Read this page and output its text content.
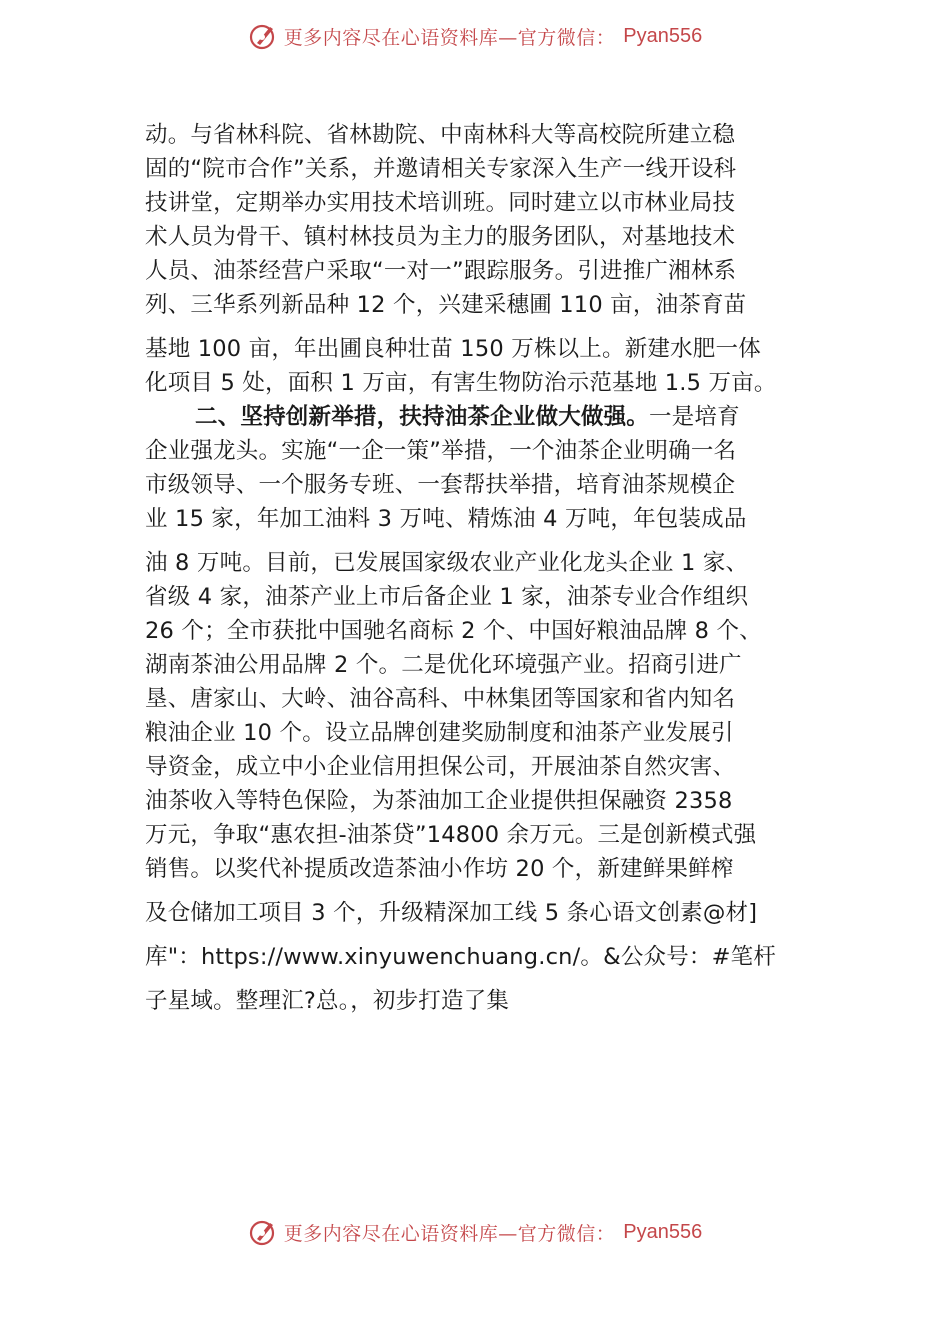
更多内容尽在心语资料库—官方微信： Pyan556
动。与省林科院、省林勘院、中南林科大等高校院所建立稳
固的“院市合作”关系，并邀请相关专家深入生产一线开设科
技讲堂，定期举办实用技术培训班。同时建立以市林业局技
术人员为骨干、镇村林技员为主力的服务团队，对基地技术
人员、油茶经营户采取“一对一”跟踪服务。引进推广湘林系
列、三华系列新品种 12 个，兴建采穗圃 110 亩，油茶育苗
基地 100 亩，年出圃良种壮苗 150 万株以上。新建水肥一体
化项目 5 处，面积 1 万亩，有害生物防治示范基地 1.5 万亩。
二、坚持创新举措，扶持油茶企业做大做强。一是培育
企业强龙头。实施“一企一策”举措，一个油茶企业明确一名
市级领导、一个服务专班、一套帮扶举措，培育油茶规模企
业 15 家，年加工油料 3 万吨、精炼油 4 万吨，年包装成品
油 8 万吨。目前，已发展国家级农业产业化龙头企业 1 家、
省级 4 家，油茶产业上市后备企业 1 家，油茶专业合作组织
26 个；全市获批中国驰名商标 2 个、中国好粮油品牌 8 个、
湖南茶油公用品牌 2 个。二是优化环境强产业。招商引进广
垦、唐家山、大岭、油谷高科、中林集团等国家和省内知名
粮油企业 10 个。设立品牌创建奖励制度和油茶产业发展引
导资金，成立中小企业信用担保公司，开展油茶自然灾害、
油茶收入等特色保险，为茶油加工企业提供担保融资 2358
万元，争取“惠农担-油茶贷”14800 余万元。三是创新模式强
销售。以奖代补提质改造茶油小作坊 20 个，新建鲜果鲜榨
及仓储加工项目 3 个，升级精深加工线 5 条心语文创素@材]
库"：https://www.xinyuwenchuang.cn/。&公众号：#笔杆
子星域。整理汇?总。，初步打造了集
更多内容尽在心语资料库—官方微信： Pyan556
